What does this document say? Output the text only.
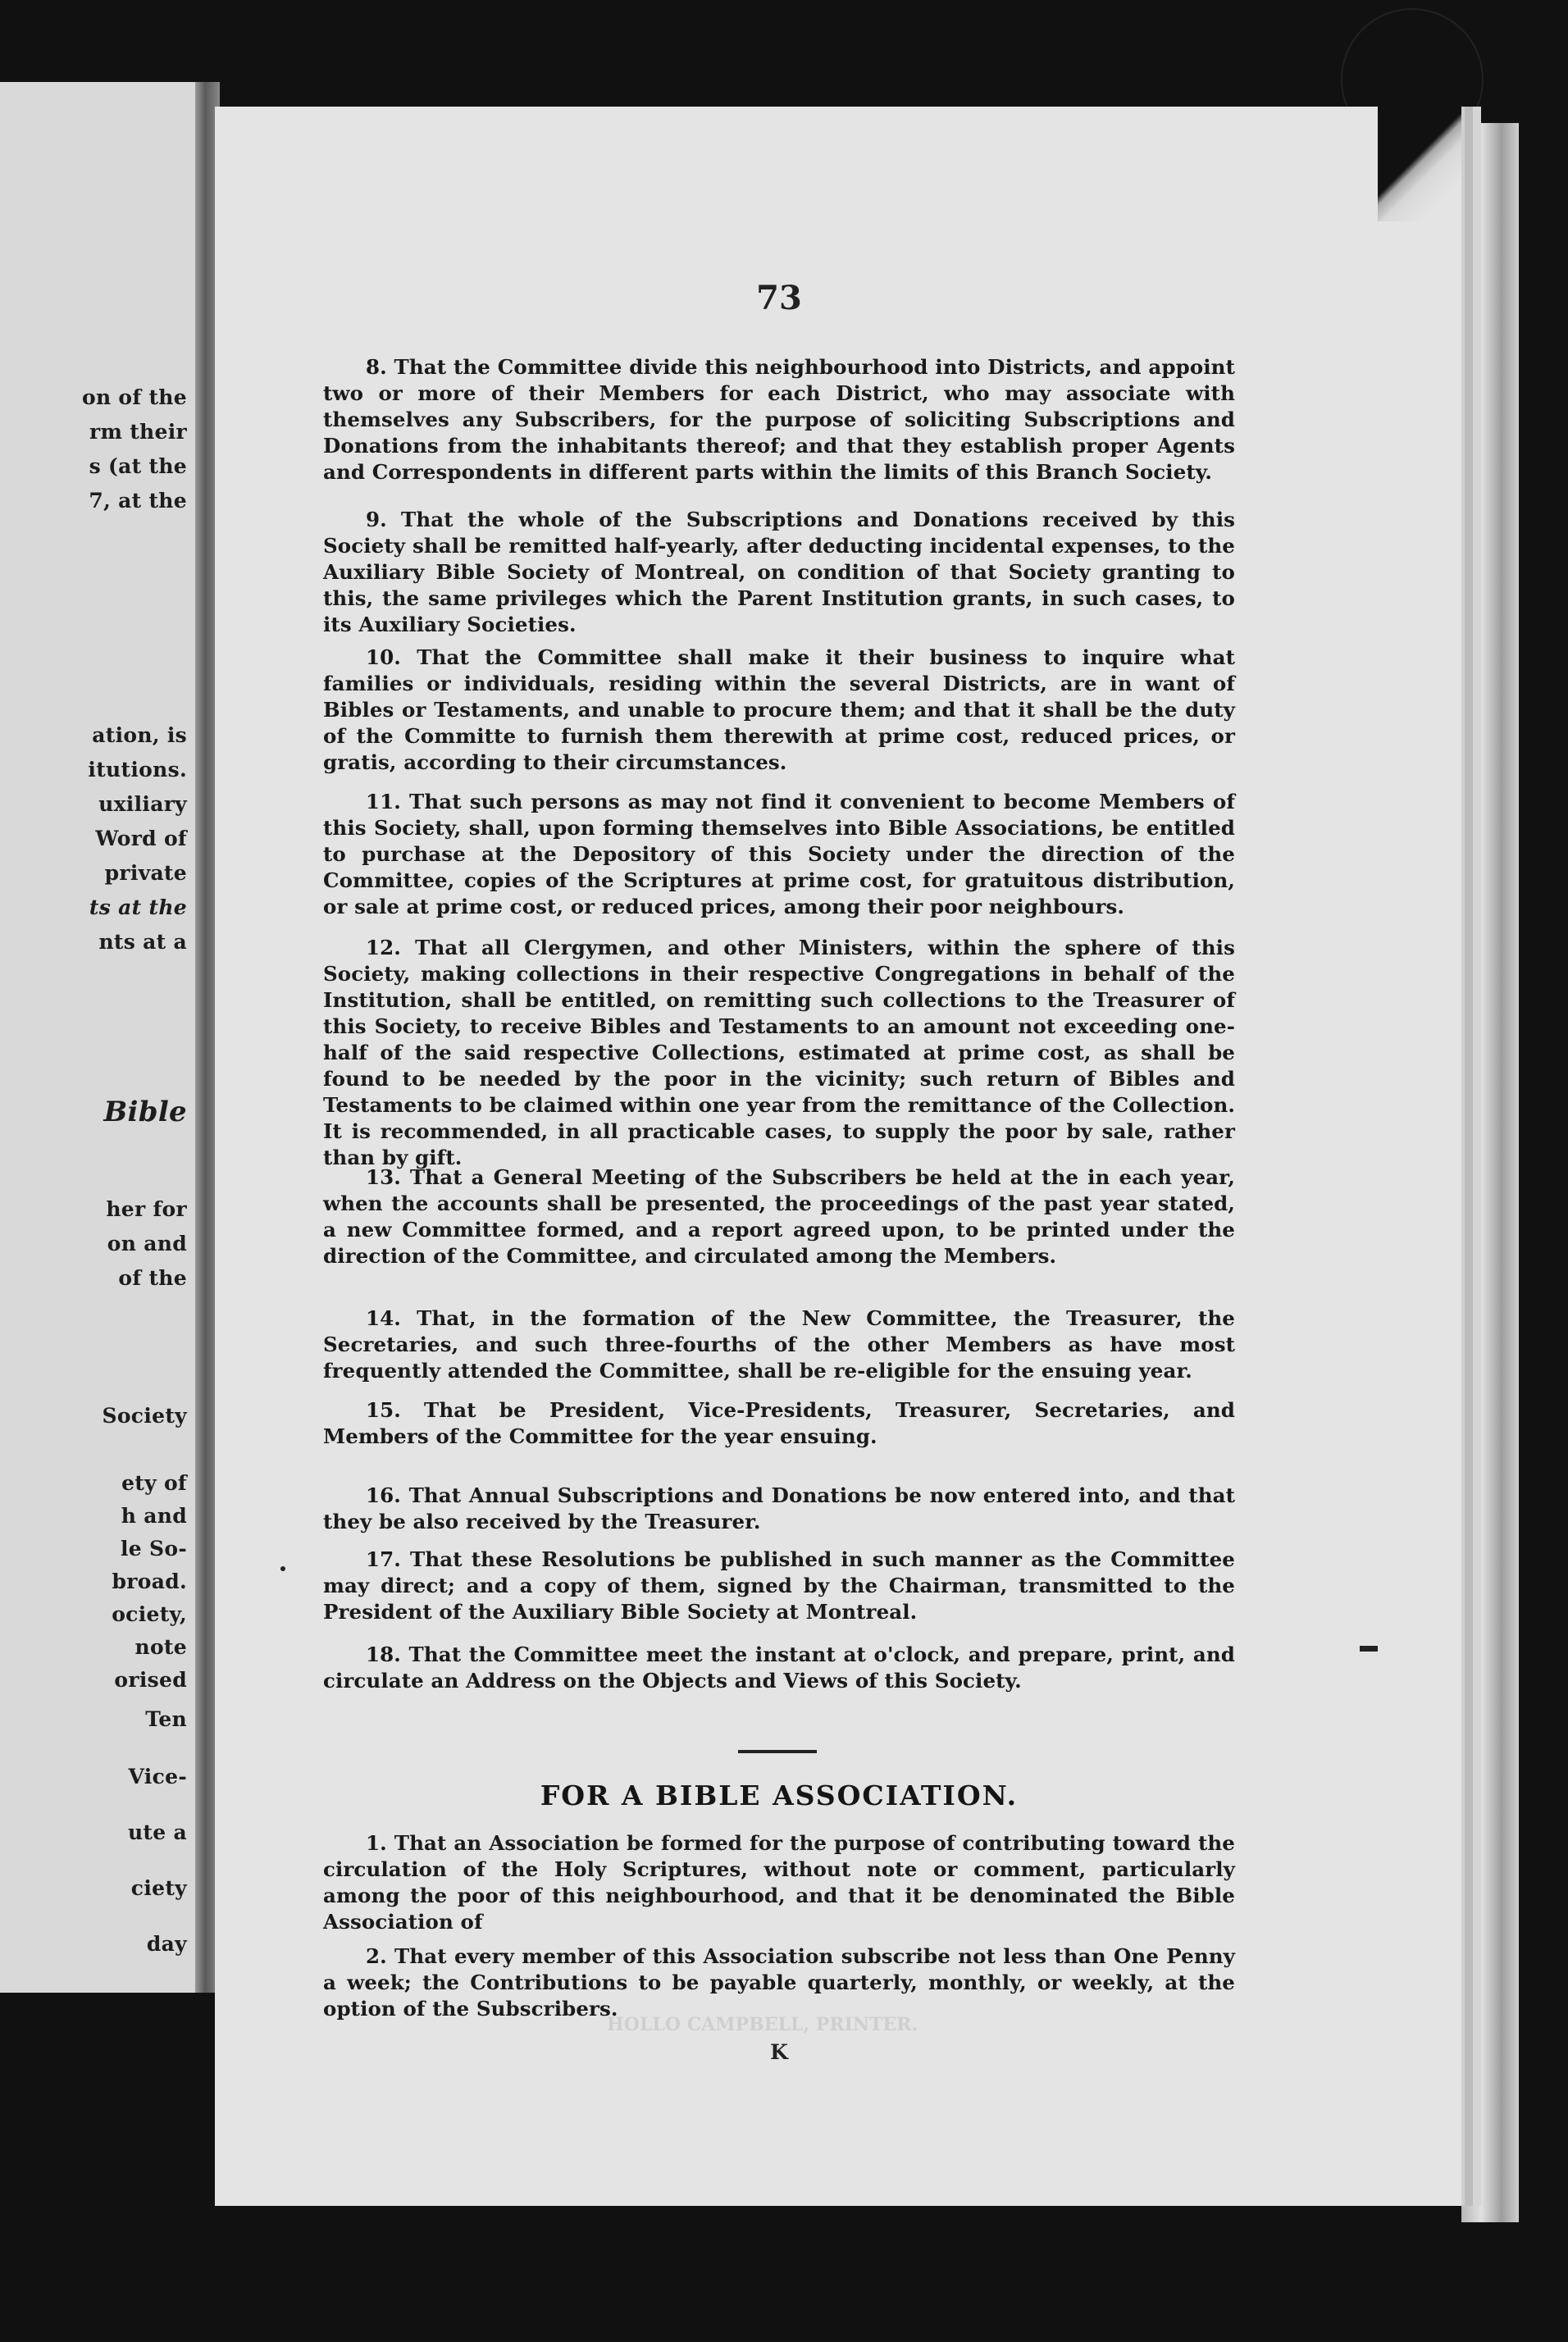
on of the
rm their
s (at the
7, at the
ation, is
itutions.
uxiliary
Word of
private
ts at the
nts at a
Bible
her for
on and
of the
Society
ety of
h and
le So-
broad.
ociety,
note
orised
Ten
Vice-
ute a
ciety
day
HOLLO CAMPBELL, PRINTER.
73

8. That the Committee divide this neighbourhood into Districts, and appoint two or more of their Members for each District, who may associate with themselves any Subscribers, for the purpose of soliciting Subscriptions and Donations from the inhabitants thereof; and that they establish proper Agents and Correspondents in different parts within the limits of this Branch Society.

9. That the whole of the Subscriptions and Donations received by this Society shall be remitted half-yearly, after deducting incidental expenses, to the Auxiliary Bible Society of Montreal, on condition of that Society granting to this, the same privileges which the Parent Institution grants, in such cases, to its Auxiliary Societies.

10. That the Committee shall make it their business to inquire what families or individuals, residing within the several Districts, are in want of Bibles or Testaments, and unable to procure them; and that it shall be the duty of the Committe to furnish them therewith at prime cost, reduced prices, or gratis, according to their circumstances.

11. That such persons as may not find it convenient to become Members of this Society, shall, upon forming themselves into Bible Associations, be entitled to purchase at the Depository of this Society under the direction of the Committee, copies of the Scriptures at prime cost, for gratuitous distribution, or sale at prime cost, or reduced prices, among their poor neighbours.

12. That all Clergymen, and other Ministers, within the sphere of this Society, making collections in their respective Congregations in behalf of the Institution, shall be entitled, on remitting such collections to the Treasurer of this Society, to receive Bibles and Testaments to an amount not exceeding one-half of the said respective Collections, estimated at prime cost, as shall be found to be needed by the poor in the vicinity; such return of Bibles and Testaments to be claimed within one year from the remittance of the Collection. It is recommended, in all practicable cases, to supply the poor by sale, rather than by gift.

13. That a General Meeting of the Subscribers be held at the in each year, when the accounts shall be presented, the proceedings of the past year stated, a new Committee formed, and a report agreed upon, to be printed under the direction of the Committee, and circulated among the Members.

14. That, in the formation of the New Committee, the Treasurer, the Secretaries, and such three-fourths of the other Members as have most frequently attended the Committee, shall be re-eligible for the ensuing year.

15. That be President, Vice-Presidents, Treasurer, Secretaries, and Members of the Committee for the year ensuing.

16. That Annual Subscriptions and Donations be now entered into, and that they be also received by the Treasurer.

17. That these Resolutions be published in such manner as the Committee may direct; and a copy of them, signed by the Chairman, transmitted to the President of the Auxiliary Bible Society at Montreal.

18. That the Committee meet the instant at o'clock, and prepare, print, and circulate an Address on the Objects and Views of this Society.

FOR A BIBLE ASSOCIATION.

1. That an Association be formed for the purpose of contributing toward the circulation of the Holy Scriptures, without note or comment, particularly among the poor of this neighbourhood, and that it be denominated the Bible Association of

2. That every member of this Association subscribe not less than One Penny a week; the Contributions to be payable quarterly, monthly, or weekly, at the option of the Subscribers.

K
